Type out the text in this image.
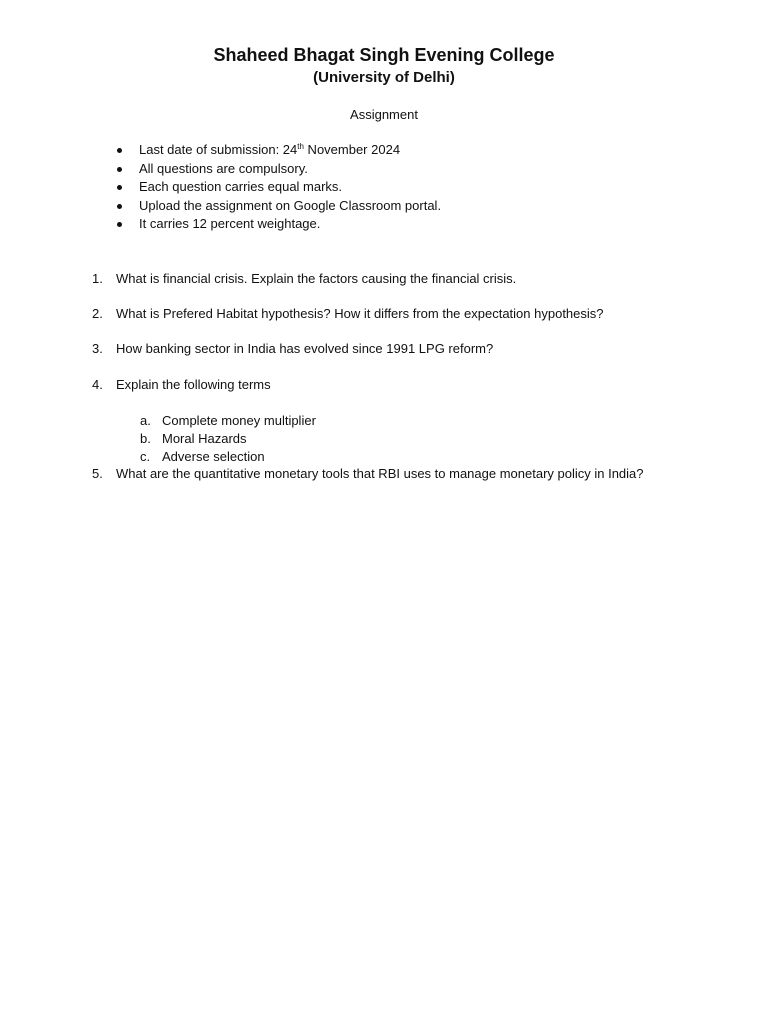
Shaheed Bhagat Singh Evening College
(University of Delhi)
Assignment
Last date of submission: 24th November 2024
All questions are compulsory.
Each question carries equal marks.
Upload the assignment on Google Classroom portal.
It carries 12 percent weightage.
1. What is financial crisis. Explain the factors causing the financial crisis.
2. What is Prefered Habitat hypothesis? How it differs from the expectation hypothesis?
3. How banking sector in India has evolved since 1991 LPG reform?
4. Explain the following terms
a. Complete money multiplier
b. Moral Hazards
c. Adverse selection
5. What are the quantitative monetary tools that RBI uses to manage monetary policy in India?
